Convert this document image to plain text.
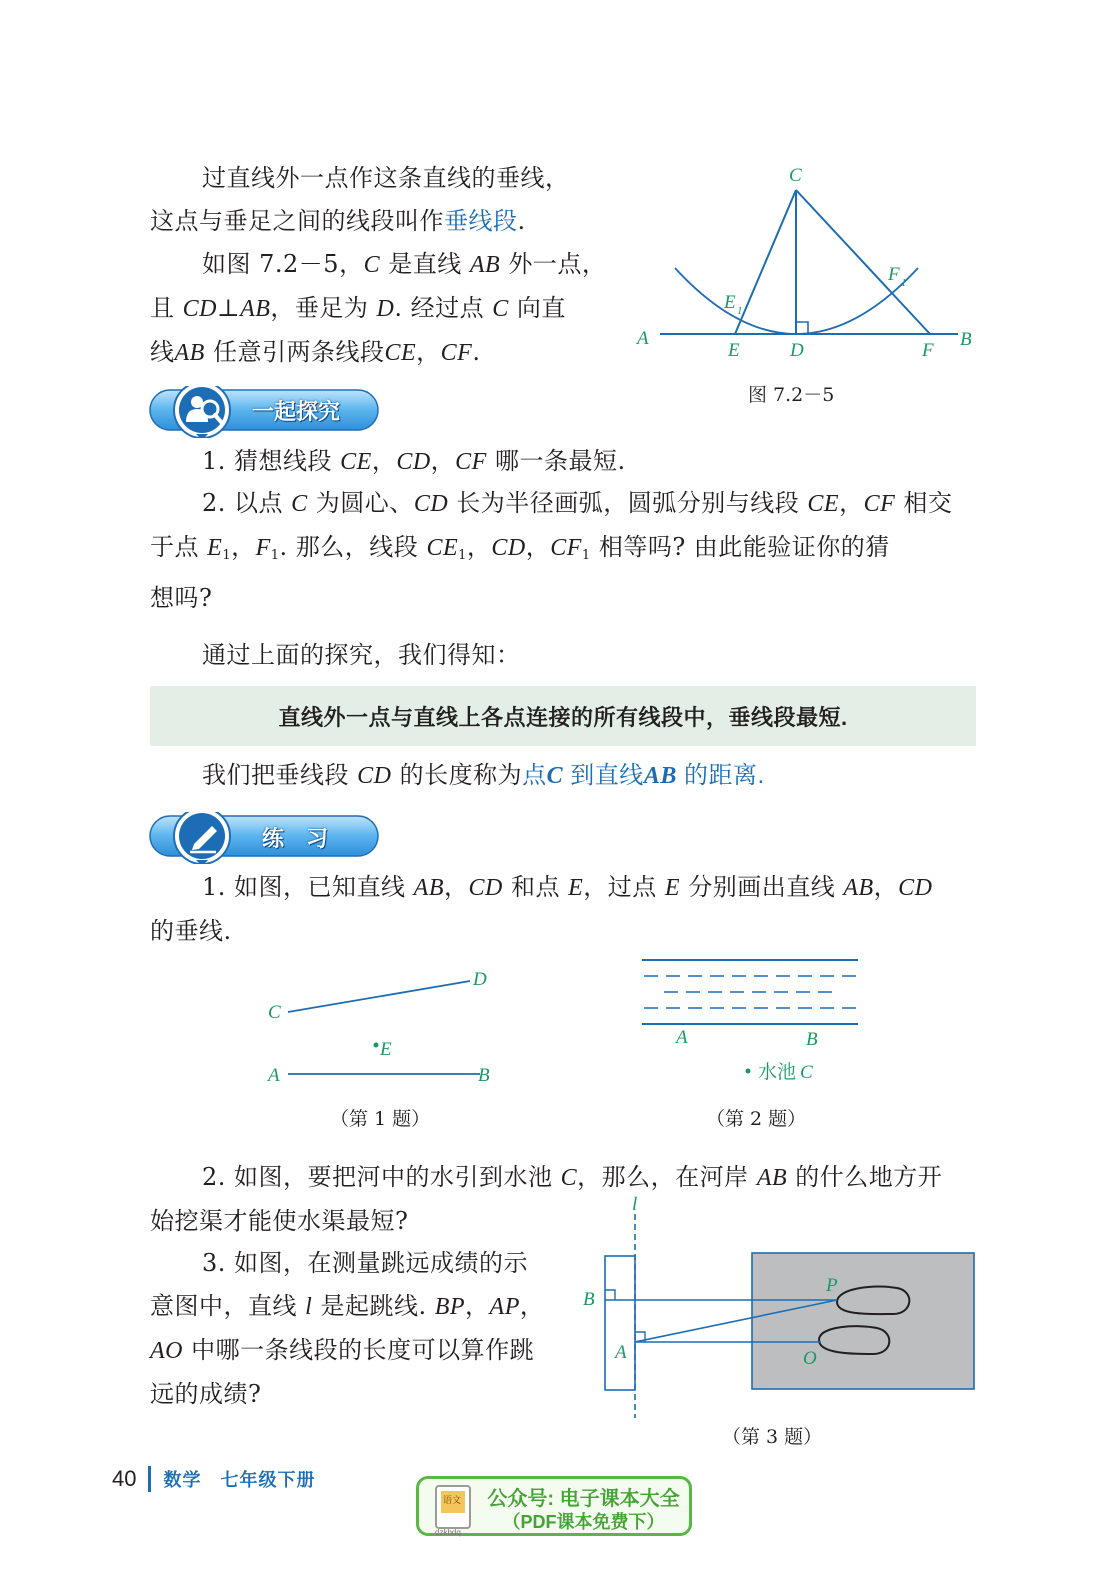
过直线外一点作这条直线的垂线，
这点与垂足之间的线段叫作垂线段.
如图 7.2－5，C 是直线 AB 外一点，
且 CD⊥AB，垂足为 D. 经过点 C 向直
线AB 任意引两条线段CE，CF.
C
A	B
D
E	F
E 1
F 1
图 7.2－5
一起探究
1. 猜想线段 CE，CD，CF 哪一条最短.
2. 以点 C 为圆心、CD 长为半径画弧，圆弧分别与线段 CE，CF 相交
于点 $E_1$，$F_1$. 那么，线段 $CE_1$，CD，$CF_1$ 相等吗? 由此能验证你的猜
想吗?
通过上面的探究，我们得知：
直线外一点与直线上各点连接的所有线段中，垂线段最短.
我们把垂线段 CD 的长度称为点C 到直线AB 的距离.
练　习
1. 如图，已知直线 AB，CD 和点 E，过点 E 分别画出直线 AB，CD
的垂线.
C
D
E
A	B
（第 1 题）
A	B
水池 C
（第 2 题）
2. 如图，要把河中的水引到水池 C，那么，在河岸 AB 的什么地方开
始挖渠才能使水渠最短?
3. 如图，在测量跳远成绩的示
意图中，直线 l 是起跳线. BP，AP，
AO 中哪一条线段的长度可以算作跳
远的成绩?
l
B
A
P
O
（第 3 题）
40 数学　七年级下册
语文
dzkbdq
公众号: 电子课本大全
（PDF课本免费下）
